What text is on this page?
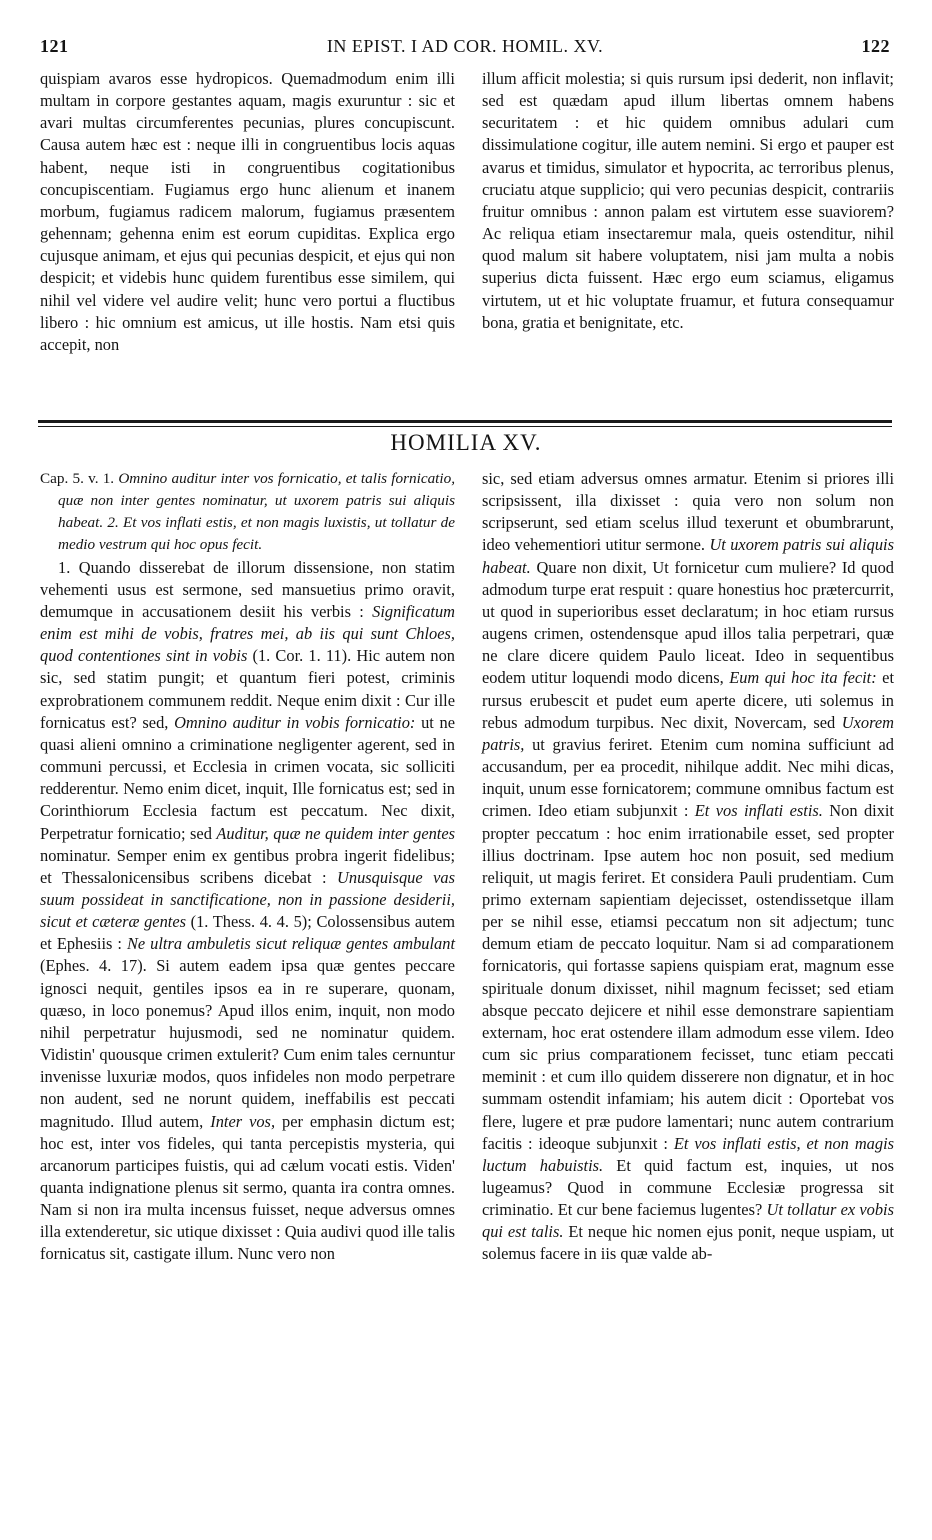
121	IN EPIST. I AD COR. HOMIL. XV.	122

quispiam avaros esse hydropicos. Quemadmodum enim illi multam in corpore gestantes aquam, magis exuruntur : sic et avari multas circumferentes pecunias, plures concupiscunt. Causa autem hæc est : neque illi in congruentibus locis aquas habent, neque isti in congruentibus cogitationibus concupiscentiam. Fugiamus ergo hunc alienum et inanem morbum, fugiamus radicem malorum, fugiamus præsentem gehennam; gehenna enim est eorum cupiditas. Explica ergo cujusque animam, et ejus qui pecunias despicit, et ejus qui non despicit; et videbis hunc quidem furentibus esse similem, qui nihil vel videre vel audire velit; hunc vero portui a fluctibus libero : hic omnium est amicus, ut ille hostis. Nam etsi quis accepit, non

illum afficit molestia; si quis rursum ipsi dederit, non inflavit; sed est quædam apud illum libertas omnem habens securitatem : et hic quidem omnibus adulari cum dissimulatione cogitur, ille autem nemini. Si ergo et pauper est avarus et timidus, simulator et hypocrita, ac terroribus plenus, cruciatu atque supplicio; qui vero pecunias despicit, contrariis fruitur omnibus : annon palam est virtutem esse suaviorem? Ac reliqua etiam insectaremur mala, queis ostenditur, nihil quod malum sit habere voluptatem, nisi jam multa a nobis superius dicta fuissent. Hæc ergo eum sciamus, eligamus virtutem, ut et hic voluptate fruamur, et futura consequamur bona, gratia et benignitate, etc.

HOMILIA XV.

Cap. 5. v. 1. Omnino auditur inter vos fornicatio, et talis fornicatio, quæ non inter gentes nominatur, ut uxorem patris sui aliquis habeat. 2. Et vos inflati estis, et non magis luxistis, ut tollatur de medio vestrum qui hoc opus fecit.

1. Quando disserebat de illorum dissensione, non statim vehementi usus est sermone, sed mansuetius primo oravit, demumque in accusationem desiit his verbis : Significatum enim est mihi de vobis, fratres mei, ab iis qui sunt Chloes, quod contentiones sint in vobis (1. Cor. 1. 11). Hic autem non sic, sed statim pungit; et quantum fieri potest, criminis exprobrationem communem reddit. Neque enim dixit : Cur ille fornicatus est? sed, Omnino auditur in vobis fornicatio: ut ne quasi alieni omnino a criminatione negligenter agerent, sed in communi percussi, et Ecclesia in crimen vocata, sic solliciti redderentur. Nemo enim dicet, inquit, Ille fornicatus est; sed in Corinthiorum Ecclesia factum est peccatum. Nec dixit, Perpetratur fornicatio; sed Auditur, quæ ne quidem inter gentes nominatur. Semper enim ex gentibus probra ingerit fidelibus; et Thessalonicensibus scribens dicebat : Unusquisque vas suum possideat in sanctificatione, non in passione desiderii, sicut et cæteræ gentes (1. Thess. 4. 4. 5); Colossensibus autem et Ephesiis : Ne ultra ambuletis sicut reliquæ gentes ambulant (Ephes. 4. 17). Si autem eadem ipsa quæ gentes peccare ignosci nequit, gentiles ipsos ea in re superare, quonam, quæso, in loco ponemus? Apud illos enim, inquit, non modo nihil perpetratur hujusmodi, sed ne nominatur quidem. Vidistin' quousque crimen extulerit? Cum enim tales cernuntur invenisse luxuriæ modos, quos infideles non modo perpetrare non audent, sed ne norunt quidem, ineffabilis est peccati magnitudo. Illud autem, Inter vos, per emphasin dictum est; hoc est, inter vos fideles, qui tanta percepistis mysteria, qui arcanorum participes fuistis, qui ad cælum vocati estis. Viden' quanta indignatione plenus sit sermo, quanta ira contra omnes. Nam si non ira multa incensus fuisset, neque adversus omnes illa extenderetur, sic utique dixisset : Quia audivi quod ille talis fornicatus sit, castigate illum. Nunc vero non

sic, sed etiam adversus omnes armatur. Etenim si priores illi scripsissent, illa dixisset : quia vero non solum non scripserunt, sed etiam scelus illud texerunt et obumbrarunt, ideo vehementiori utitur sermone. Ut uxorem patris sui aliquis habeat. Quare non dixit, Ut fornicetur cum muliere? Id quod admodum turpe erat respuit : quare honestius hoc prætercurrit, ut quod in superioribus esset declaratum; in hoc etiam rursus augens crimen, ostendensque apud illos talia perpetrari, quæ ne clare dicere quidem Paulo liceat. Ideo in sequentibus eodem utitur loquendi modo dicens, Eum qui hoc ita fecit: et rursus erubescit et pudet eum aperte dicere, uti solemus in rebus admodum turpibus. Nec dixit, Novercam, sed Uxorem patris, ut gravius feriret. Etenim cum nomina sufficiunt ad accusandum, per ea procedit, nihilque addit. Nec mihi dicas, inquit, unum esse fornicatorem; commune omnibus factum est crimen. Ideo etiam subjunxit : Et vos inflati estis. Non dixit propter peccatum : hoc enim irrationabile esset, sed propter illius doctrinam. Ipse autem hoc non posuit, sed medium reliquit, ut magis feriret. Et considera Pauli prudentiam. Cum primo externam sapientiam dejecisset, ostendissetque illam per se nihil esse, etiamsi peccatum non sit adjectum; tunc demum etiam de peccato loquitur. Nam si ad comparationem fornicatoris, qui fortasse sapiens quispiam erat, magnum esse spirituale donum dixisset, nihil magnum fecisset; sed etiam absque peccato dejicere et nihil esse demonstrare sapientiam externam, hoc erat ostendere illam admodum esse vilem. Ideo cum sic prius comparationem fecisset, tunc etiam peccati meminit : et cum illo quidem disserere non dignatur, et in hoc summam ostendit infamiam; his autem dicit : Oportebat vos flere, lugere et præ pudore lamentari; nunc autem contrarium facitis : ideoque subjunxit : Et vos inflati estis, et non magis luctum habuistis. Et quid factum est, inquies, ut nos lugeamus? Quod in commune Ecclesiæ progressa sit criminatio. Et cur bene faciemus lugentes? Ut tollatur ex vobis qui est talis. Et neque hic nomen ejus ponit, neque uspiam, ut solemus facere in iis quæ valde ab-
